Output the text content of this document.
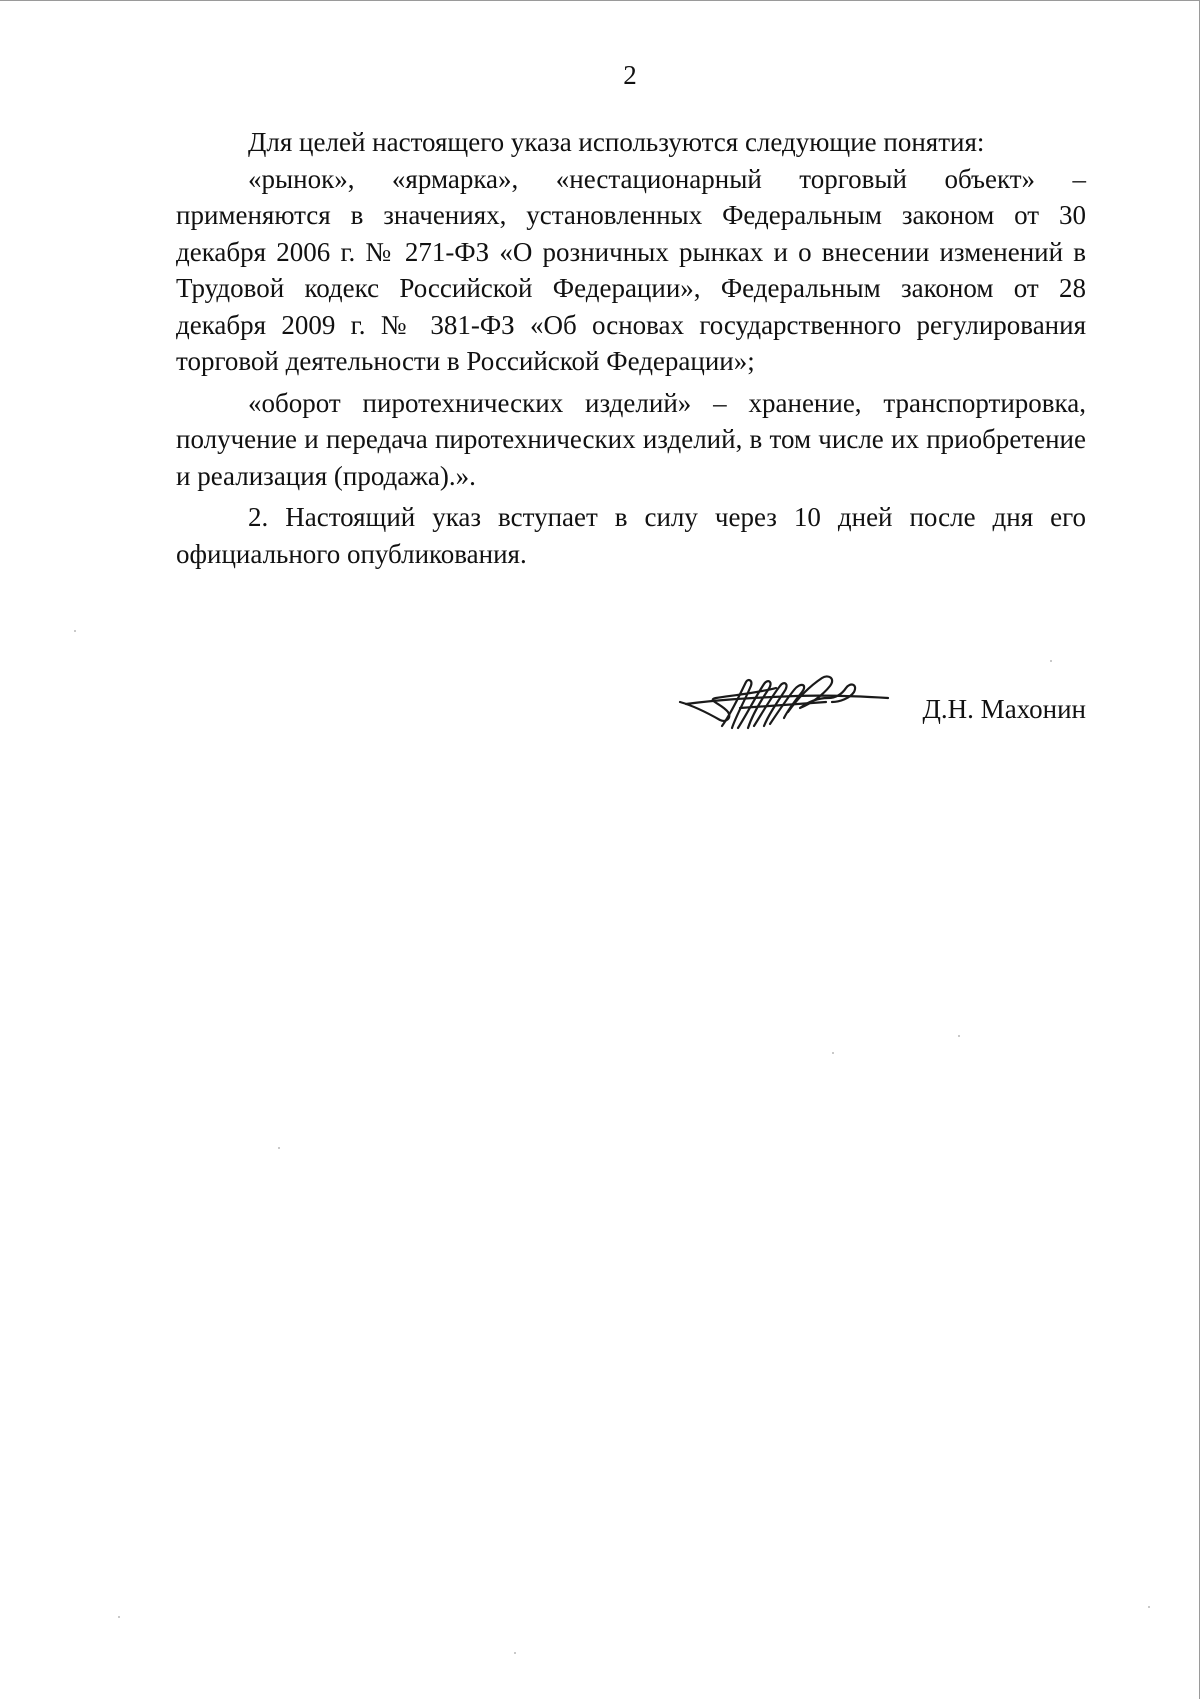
2

Для целей настоящего указа используются следующие понятия:

«рынок», «ярмарка», «нестационарный торговый объект» – применяются в значениях, установленных Федеральным законом от 30 декабря 2006 г. № 271-ФЗ «О розничных рынках и о внесении изменений в Трудовой кодекс Российской Федерации», Федеральным законом от 28 декабря 2009 г. № 381-ФЗ «Об основах государственного регулирования торговой деятельности в Российской Федерации»;

«оборот пиротехнических изделий» – хранение, транспортировка, получение и передача пиротехнических изделий, в том числе их приобретение и реализация (продажа).».

2. Настоящий указ вступает в силу через 10 дней после дня его официального опубликования.

Д.Н. Махонин
